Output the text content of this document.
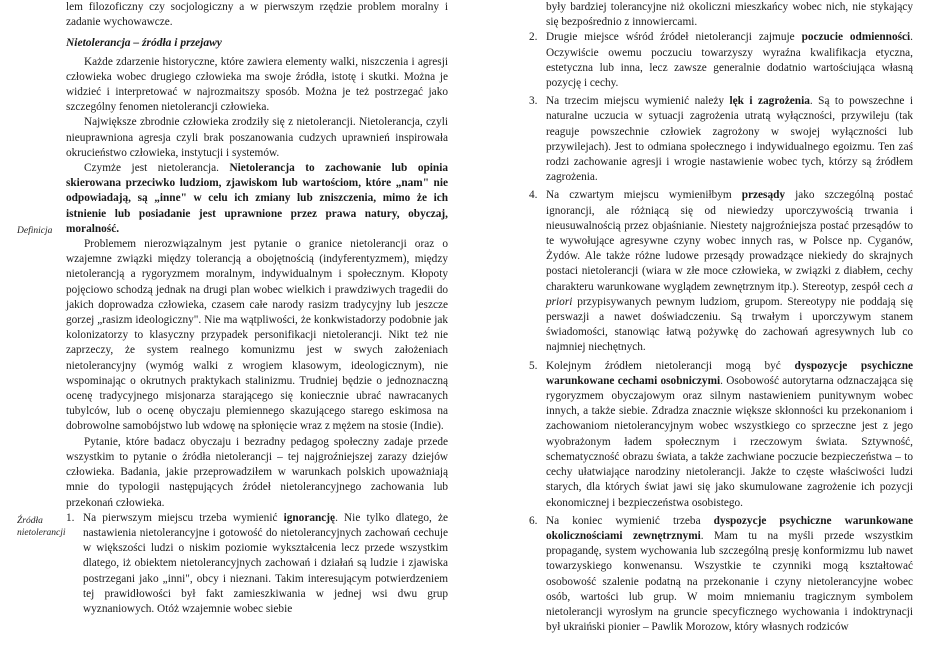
lem filozoficzny czy socjologiczny a w pierwszym rzędzie problem moralny i zadanie wychowawcze.

Nietolerancja – źródła i przejawy

Każde zdarzenie historyczne, które zawiera elementy walki, niszczenia i agresji człowieka wobec drugiego człowieka ma swoje źródła, istotę i skutki. Można je widzieć i interpretować w najrozmaitszy sposób. Można je też postrzegać jako szczególny fenomen nietolerancji człowieka.

Największe zbrodnie człowieka zrodziły się z nietolerancji. Nietolerancja, czyli nieuprawniona agresja czyli brak poszanowania cudzych uprawnień inspirowała okrucieństwo człowieka, instytucji i systemów.

Czymże jest nietolerancja. Nietolerancja to zachowanie lub opinia skierowana przeciwko ludziom, zjawiskom lub wartościom, które „nam" nie odpowiadają, są „inne" w celu ich zmiany lub zniszczenia, mimo że ich istnienie lub posiadanie jest uprawnione przez prawa natury, obyczaj, moralność.

Problemem nierozwiązalnym jest pytanie o granice nietolerancji oraz o wzajemne związki między tolerancją a obojętnością (indyferentyzmem), między nietolerancją a rygoryzmem moralnym, indywidualnym i społecznym. Kłopoty pojęciowo schodzą jednak na drugi plan wobec wielkich i prawdziwych tragedii do jakich doprowadza człowieka, czasem całe narody rasizm tradycyjny lub jeszcze gorzej „rasizm ideologiczny". Nie ma wątpliwości, że konkwistadorzy podobnie jak kolonizatorzy to klasyczny przypadek personifikacji nietolerancji. Nikt też nie zaprzeczy, że system realnego komunizmu jest w swych założeniach nietolerancyjny (wymóg walki z wrogiem klasowym, ideologicznym), nie wspominając o okrutnych praktykach stalinizmu. Trudniej będzie o jednoznaczną ocenę tradycyjnego misjonarza starającego się koniecznie ubrać nawracanych tubylców, lub o ocenę obyczaju plemiennego skazującego starego eskimosa na dobrowolne samobójstwo lub wdowę na spłonięcie wraz z mężem na stosie (Indie).

Pytanie, które badacz obyczaju i bezradny pedagog społeczny zadaje przede wszystkim to pytanie o źródła nietolerancji – tej najgroźniejszej zarazy dziejów człowieka. Badania, jakie przeprowadziłem w warunkach polskich upoważniają mnie do typologii następujących źródeł nietolerancyjnego zachowania lub przekonań człowieka.

1. Na pierwszym miejscu trzeba wymienić ignorancję. Nie tylko dlatego, że nastawienia nietolerancyjne i gotowość do nietolerancyjnych zachowań cechuje w większości ludzi o niskim poziomie wykształcenia lecz przede wszystkim dlatego, iż obiektem nietolerancyjnych zachowań i działań są ludzie i zjawiska postrzegani jako „inni", obcy i nieznani. Takim interesującym potwierdzeniem tej prawidłowości był fakt zamieszkiwania w jednej wsi dwu grup wyznaniowych. Otóż wzajemnie wobec siebie
Definicja
Źródła nietolerancji

były bardziej tolerancyjne niż okoliczni mieszkańcy wobec nich, nie stykający się bezpośrednio z innowiercami.

2. Drugie miejsce wśród źródeł nietolerancji zajmuje poczucie odmienności. Oczywiście owemu poczuciu towarzyszy wyraźna kwalifikacja etyczna, estetyczna lub inna, lecz zawsze generalnie dodatnio wartościująca własną pozycję i cechy.
3. Na trzecim miejscu wymienić należy lęk i zagrożenia. Są to powszechne i naturalne uczucia w sytuacji zagrożenia utratą wyłączności, przywileju (tak reaguje powszechnie człowiek zagrożony w swojej wyłączności lub przywilejach). Jest to odmiana społecznego i indywidualnego egoizmu. Ten zaś rodzi zachowanie agresji i wrogie nastawienie wobec tych, którzy są źródłem zagrożenia.
4. Na czwartym miejscu wymieniłbym przesądy jako szczególną postać ignorancji, ale różniącą się od niewiedzy uporczywością trwania i nieusuwalnością przez objaśnianie. Niestety najgroźniejsza postać przesądów to te wywołujące agresywne czyny wobec innych ras, w Polsce np. Cyganów, Żydów. Ale także różne ludowe przesądy prowadzące niekiedy do skrajnych postaci nietolerancji (wiara w złe moce człowieka, w związki z diabłem, cechy charakteru warunkowane wyglądem zewnętrznym itp.). Stereotyp, zespół cech a priori przypisywanych pewnym ludziom, grupom. Stereotypy nie poddają się perswazji a nawet doświadczeniu. Są trwałym i uporczywym stanem świadomości, stanowiąc łatwą pożywkę do zachowań agresywnych lub co najmniej niechętnych.
5. Kolejnym źródłem nietolerancji mogą być dyspozycje psychiczne warunkowane cechami osobniczymi. Osobowość autorytarna odznaczająca się rygoryzmem obyczajowym oraz silnym nastawieniem punitywnym wobec innych, a także siebie. Zdradza znacznie większe skłonności ku przekonaniom i zachowaniom nietolerancyjnym wobec wszystkiego co sprzeczne jest z jego wyobrażonym ładem społecznym i rzeczowym świata. Sztywność, schematyczność obrazu świata, a także zachwiane poczucie bezpieczeństwa – to cechy ułatwiające narodziny nietolerancji. Jakże to częste właściwości ludzi starych, dla których świat jawi się jako skumulowane zagrożenie ich pozycji ekonomicznej i bezpieczeństwa osobistego.
6. Na koniec wymienić trzeba dyspozycje psychiczne warunkowane okolicznościami zewnętrznymi. Mam tu na myśli przede wszystkim propagandę, system wychowania lub szczególną presję konformizmu lub nawet towarzyskiego konwenansu. Wszystkie te czynniki mogą kształtować osobowość szalenie podatną na przekonanie i czyny nietolerancyjne wobec osób, wartości lub grup. W moim mniemaniu tragicznym symbolem nietolerancji wyrosłym na gruncie specyficznego wychowania i indoktrynacji był ukraiński pionier – Pawlik Morozow, który własnych rodziców
